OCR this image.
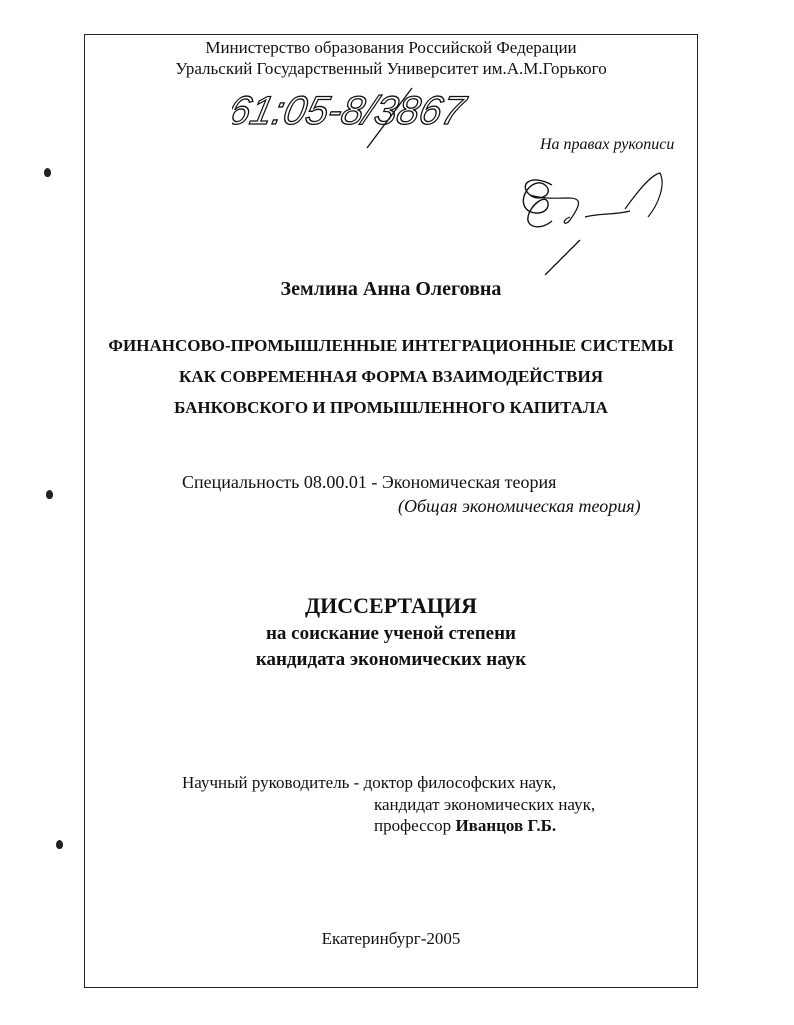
Министерство образования Российской Федерации
Уральский Государственный Университет им.А.М.Горького
61:05-8/3867
На правах рукописи
Землина Анна Олеговна
ФИНАНСОВО-ПРОМЫШЛЕННЫЕ ИНТЕГРАЦИОННЫЕ СИСТЕМЫ
КАК СОВРЕМЕННАЯ ФОРМА ВЗАИМОДЕЙСТВИЯ
БАНКОВСКОГО И ПРОМЫШЛЕННОГО КАПИТАЛА
Специальность 08.00.01 - Экономическая теория
(Общая экономическая теория)
ДИССЕРТАЦИЯ
на соискание ученой степени
кандидата экономических наук
Научный руководитель - доктор философских наук,
кандидат экономических наук,
профессор Иванцов Г.Б.
Екатеринбург-2005
